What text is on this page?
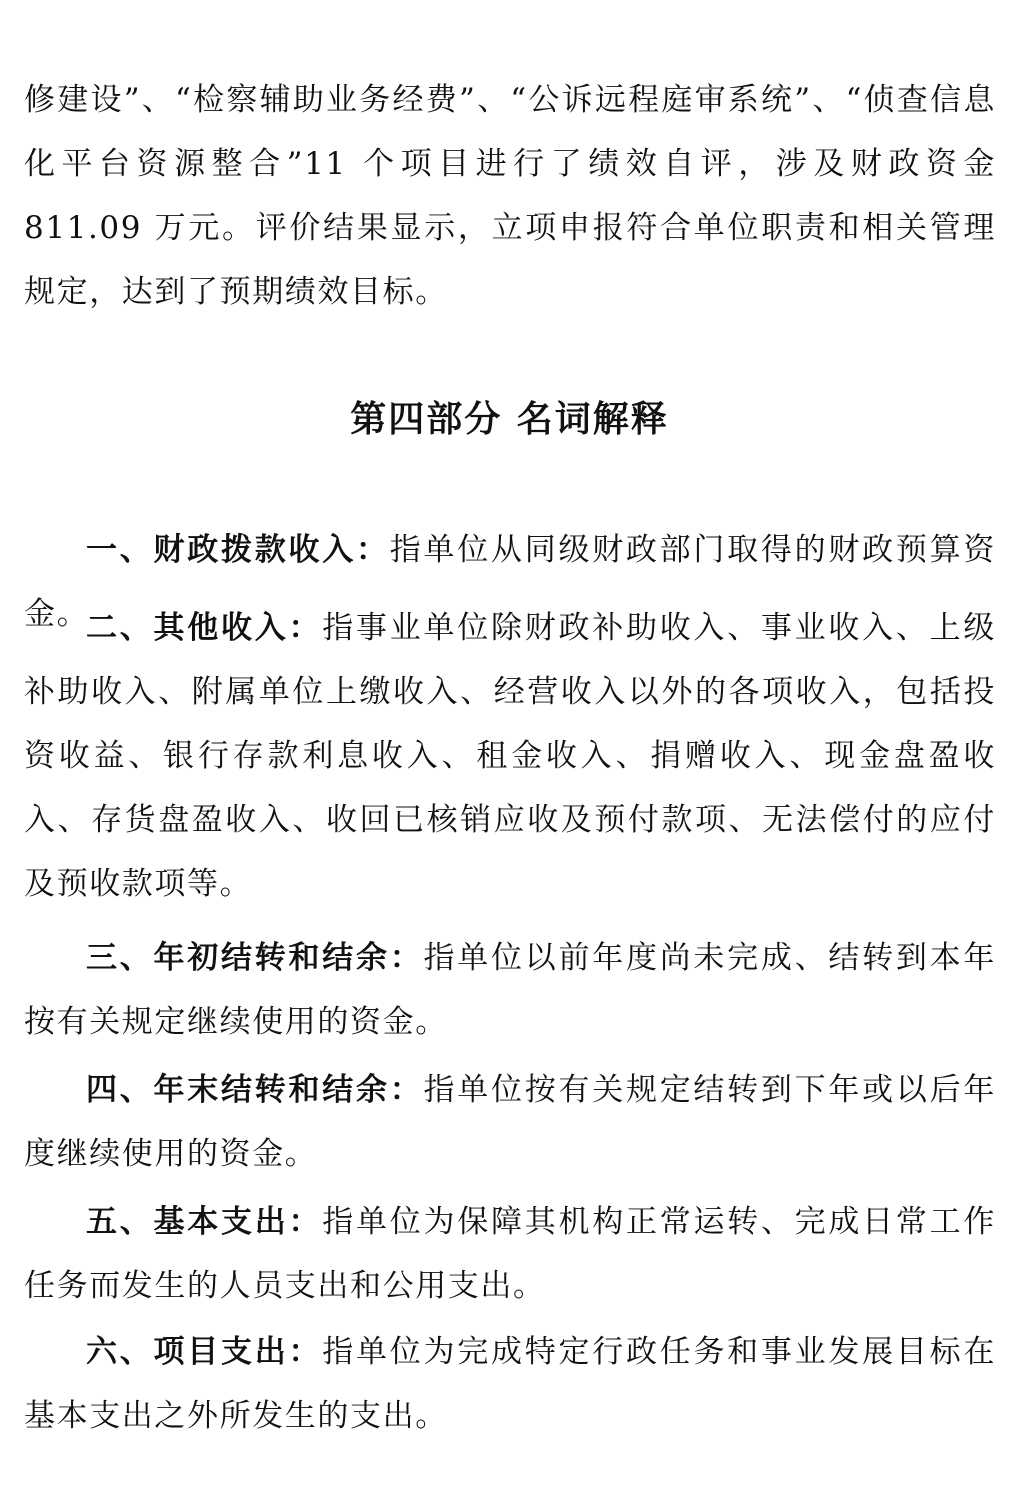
修建设”、“检察辅助业务经费”、“公诉远程庭审系统”、“侦查信息化平台资源整合”11 个项目进行了绩效自评，涉及财政资金 811.09 万元。评价结果显示，立项申报符合单位职责和相关管理规定，达到了预期绩效目标。

第四部分 名词解释

一、财政拨款收入：指单位从同级财政部门取得的财政预算资金。

二、其他收入：指事业单位除财政补助收入、事业收入、上级补助收入、附属单位上缴收入、经营收入以外的各项收入，包括投资收益、银行存款利息收入、租金收入、捐赠收入、现金盘盈收入、存货盘盈收入、收回已核销应收及预付款项、无法偿付的应付及预收款项等。

三、年初结转和结余：指单位以前年度尚未完成、结转到本年按有关规定继续使用的资金。

四、年末结转和结余：指单位按有关规定结转到下年或以后年度继续使用的资金。

五、基本支出：指单位为保障其机构正常运转、完成日常工作任务而发生的人员支出和公用支出。

六、项目支出：指单位为完成特定行政任务和事业发展目标在基本支出之外所发生的支出。
